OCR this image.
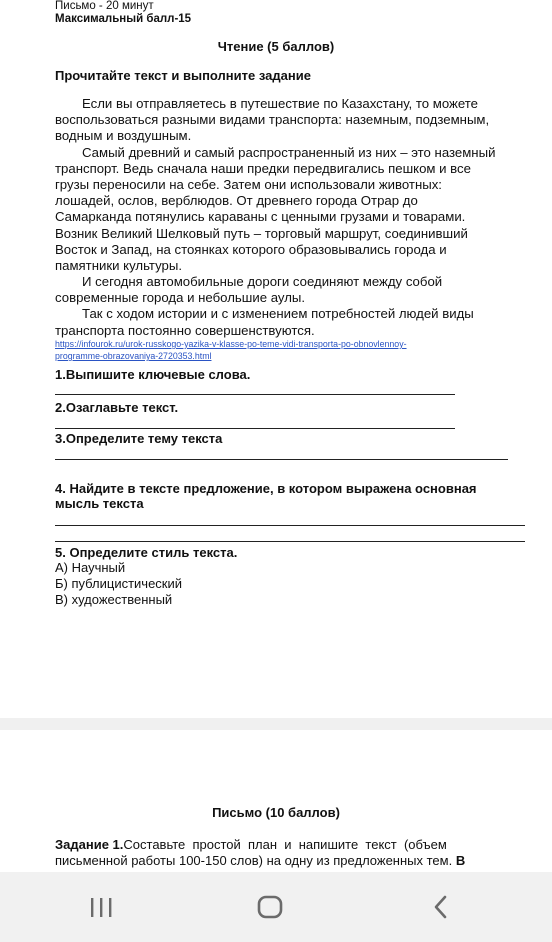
Письмо - 20 минут
Максимальный балл-15
Чтение (5 баллов)
Прочитайте текст и выполните задание
Если вы отправляетесь в путешествие по Казахстану, то можете
воспользоваться разными видами транспорта: наземным, подземным,
водным и воздушным.
Самый древний и самый распространенный из них – это наземный
транспорт. Ведь сначала наши предки передвигались пешком и все
грузы переносили на себе. Затем они использовали животных:
лошадей, ослов, верблюдов. От древнего города Отрар до
Самарканда потянулись караваны с ценными грузами и товарами.
Возник Великий Шелковый путь – торговый маршрут, соединивший
Восток и Запад, на стоянках которого образовывались города и
памятники культуры.
И сегодня автомобильные дороги соединяют между собой
современные города и небольшие аулы.
Так с ходом истории и с изменением потребностей людей виды
транспорта постоянно совершенствуются.
https://infourok.ru/urok-russkogo-yazika-v-klasse-po-teme-vidi-transporta-po-obnovlennoy-
programme-obrazovaniya-2720353.html
1.Выпишите ключевые слова.
2.Озаглавьте текст.
3.Определите тему текста
4. Найдите в тексте предложение, в котором выражена основная
мысль текста
5. Определите стиль текста.
А) Научный
Б) публицистический
В) художественный
Письмо (10 баллов)
Задание 1.Составьте  простой  план  и  напишите  текст  (объем
письменной работы 100-150 слов) на одну из предложенных тем. В
